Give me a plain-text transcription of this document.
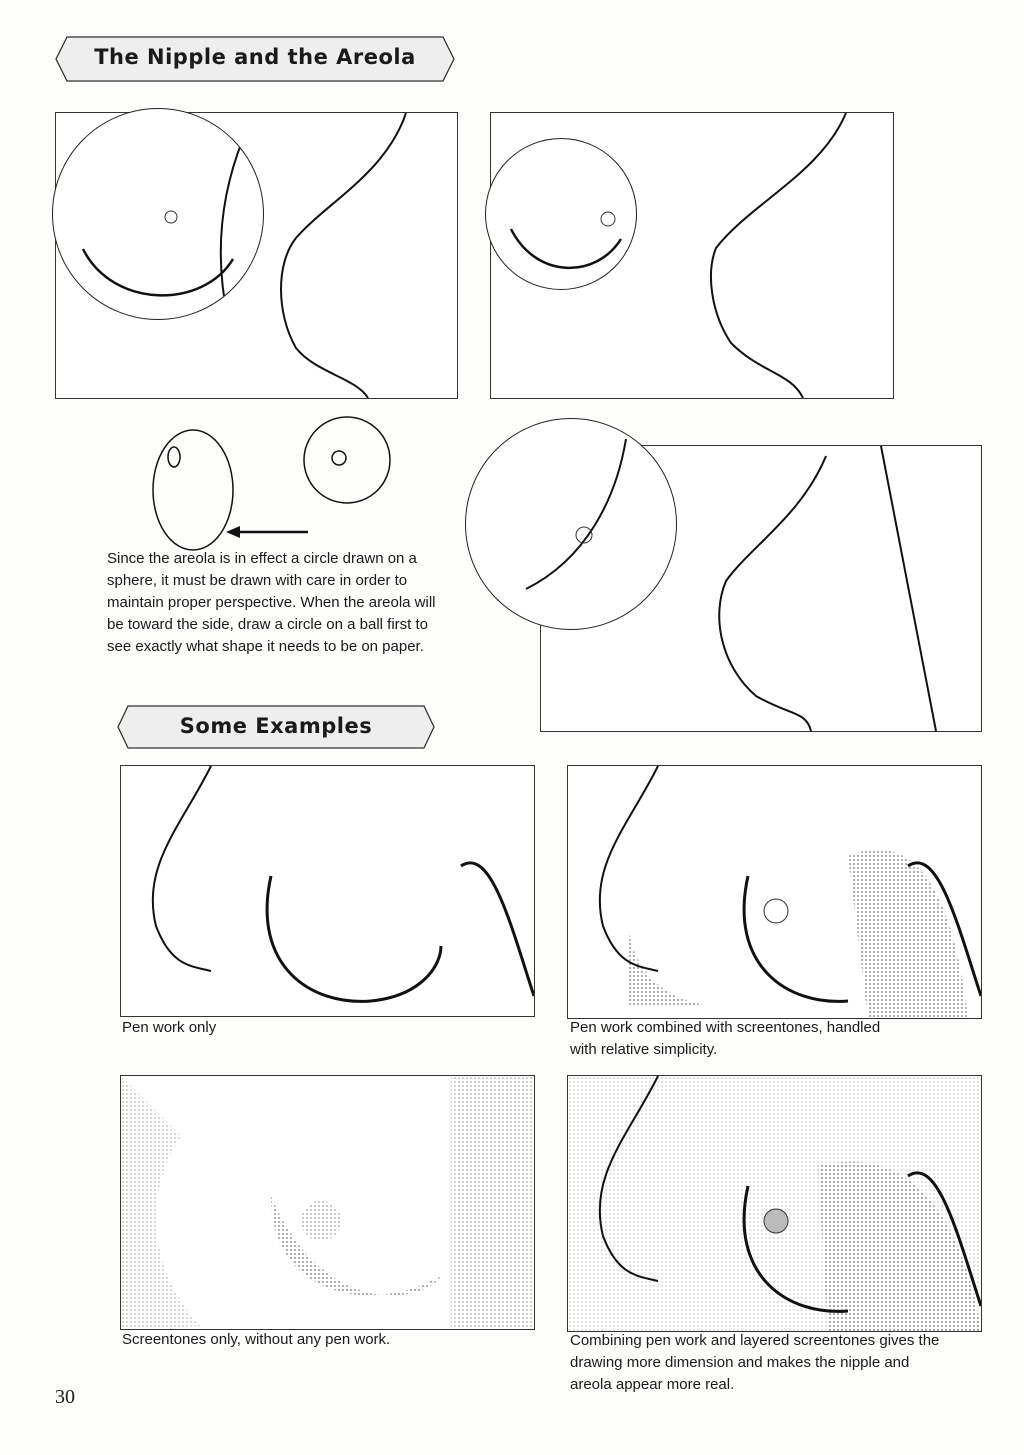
The Nipple and the Areola
Since the areola is in effect a circle drawn on a sphere, it must be drawn with care in order to maintain proper perspective. When the areola will be toward the side, draw a circle on a ball first to see exactly what shape it needs to be on paper.
Some Examples
Pen work only	Pen work combined with screentones, handled with relative simplicity.
Screentones only, without any pen work.	Combining pen work and layered screentones gives the drawing more dimension and makes the nipple and areola appear more real.
30
